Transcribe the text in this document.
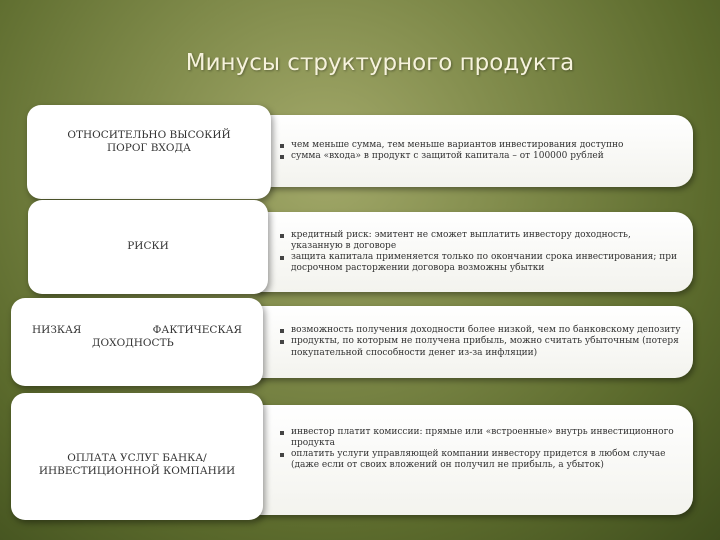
Минусы структурного продукта
чем меньше сумма, тем меньше вариантов инвестирования доступно
сумма «входа» в продукт с защитой капитала – от 100000 рублей
ОТНОСИТЕЛЬНО ВЫСОКИЙ ПОРОГ ВХОДА
кредитный риск: эмитент не сможет выплатить инвестору доходность, указанную в договоре
защита капитала применяется только по окончании срока инвестирования; при досрочном расторжении договора возможны убытки
РИСКИ
возможность получения доходности более низкой, чем по банковскому депозиту
продукты, по которым не получена прибыль, можно считать убыточным (потеря покупательной способности денег из-за инфляции)
НИЗКАЯ	ФАКТИЧЕСКАЯ
ДОХОДНОСТЬ
инвестор платит комиссии: прямые или «встроенные» внутрь инвестиционного продукта
оплатить услуги управляющей компании инвестору придется в любом случае (даже если от своих вложений он получил не прибыль, а убыток)
ОПЛАТА УСЛУГ БАНКА/ ИНВЕСТИЦИОННОЙ КОМПАНИИ
